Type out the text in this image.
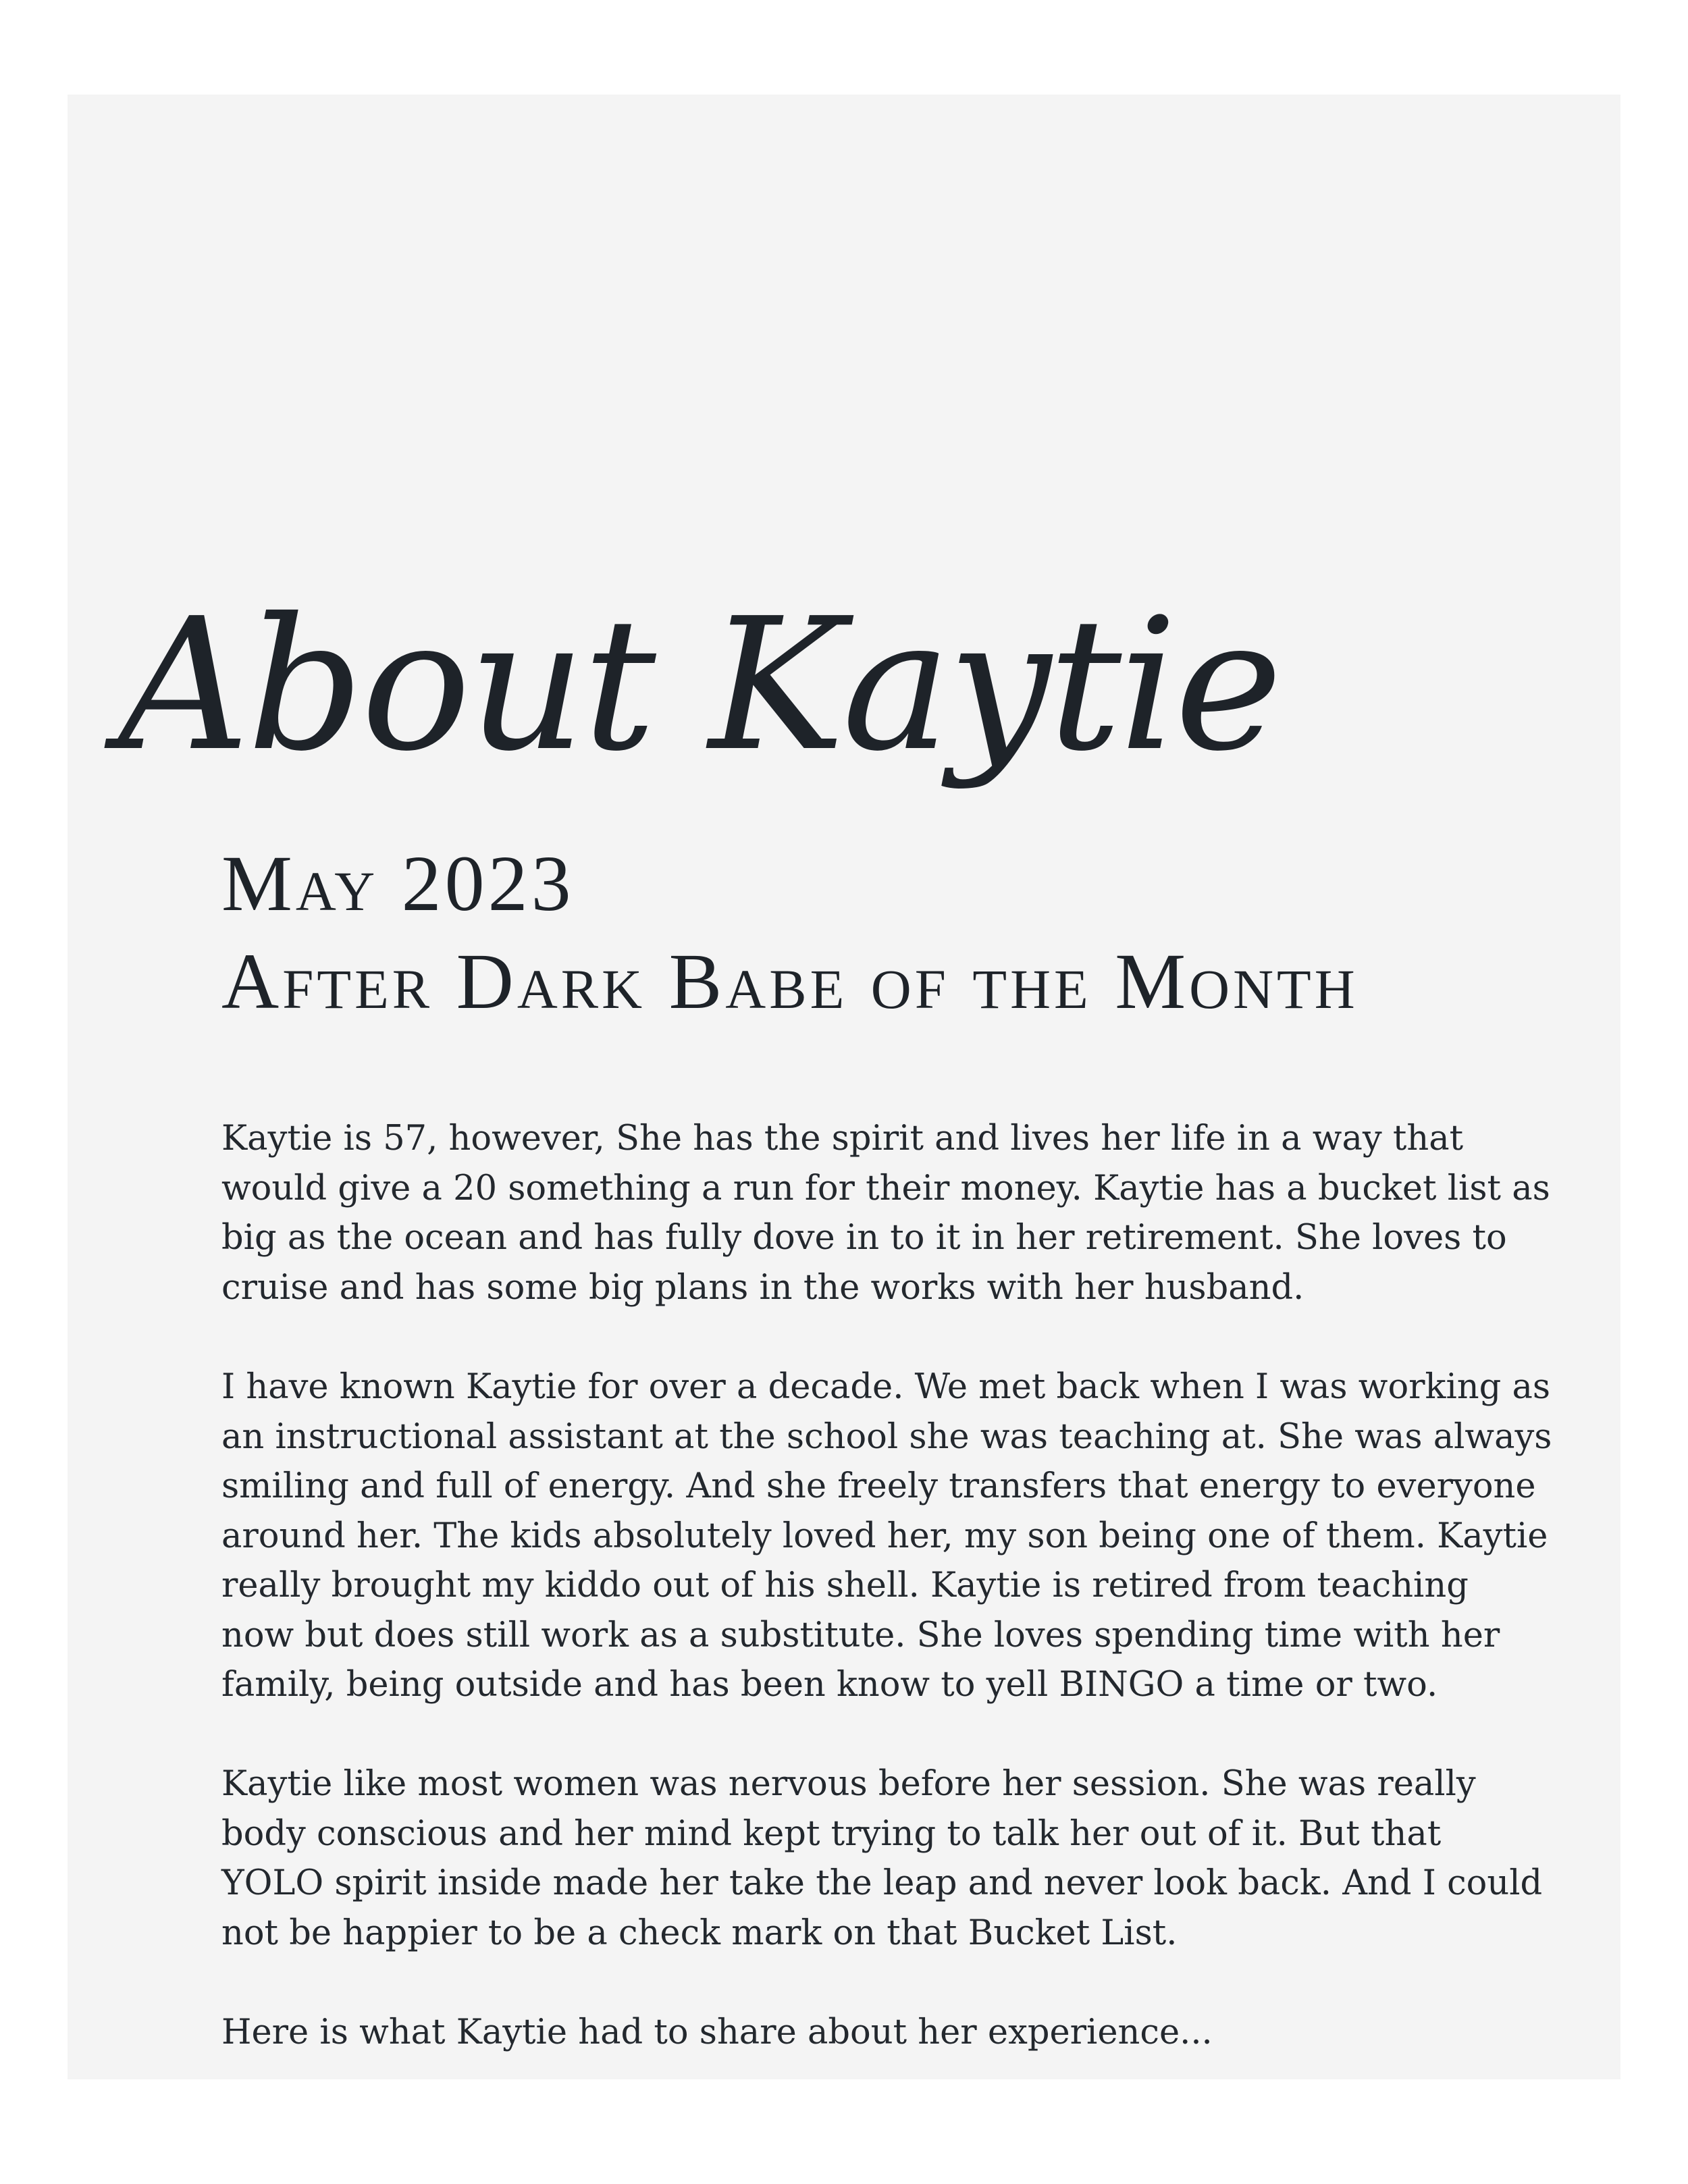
About Kaytie
May 2023
After Dark Babe of the Month

Kaytie is 57, however, She has the spirit and lives her life in a way that
would give a 20 something a run for their money. Kaytie has a bucket list as
big as the ocean and has fully dove in to it in her retirement. She loves to
cruise and has some big plans in the works with her husband.

I have known Kaytie for over a decade. We met back when I was working as
an instructional assistant at the school she was teaching at. She was always
smiling and full of energy. And she freely transfers that energy to everyone
around her. The kids absolutely loved her, my son being one of them. Kaytie
really brought my kiddo out of his shell. Kaytie is retired from teaching
now but does still work as a substitute. She loves spending time with her
family, being outside and has been know to yell BINGO a time or two.

Kaytie like most women was nervous before her session. She was really
body conscious and her mind kept trying to talk her out of it. But that
YOLO spirit inside made her take the leap and never look back. And I could
not be happier to be a check mark on that Bucket List.

Here is what Kaytie had to share about her experience...
